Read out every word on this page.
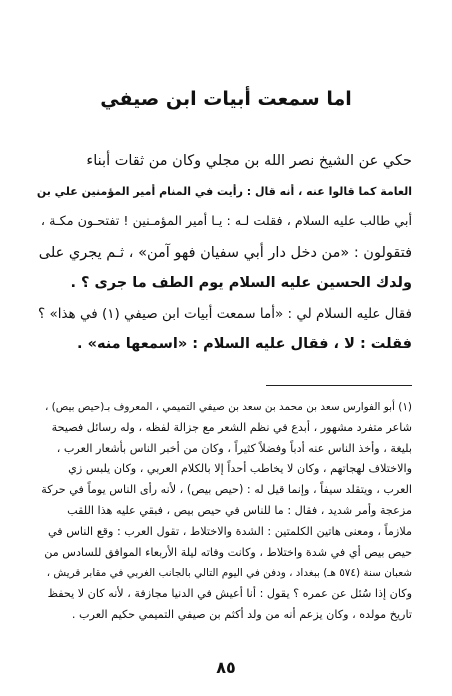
اما سمعت أبيات ابن صيفي
حكي عن الشيخ نصر الله بن مجلي وكان من ثقات أبناء
العامة كما قالوا عنه ، أنه قال : رأيت في المنام أمير المؤمنين علي بن
أبي طالب عليه السلام ، فقلت لـه : يـا أمير المؤمـنين ! تفتحـون مكـة ،
فتقولون : «من دخل دار أبي سفيان فهو آمن» ، ثـم يجري على
ولدك الحسين عليه السلام يوم الطف ما جرى ؟ .
فقال عليه السلام لي : «أما سمعت أبيات ابن صيفي (١) في هذا» ؟
فقلت : لا ، فقال عليه السلام : «اسمعها منه» .
(١) أبو الفوارس سعد بن محمد بن سعد بن صيفي التميمي ، المعروف بـ(حيص بيص) ،
شاعر متفرد مشهور ، أبدع في نظم الشعر مع جزالة لفظه ، وله رسائل فصيحة
بليغة ، وأخذ الناس عنه أدباً وفضلاً كثيراً ، وكان من أخبر الناس بأشعار العرب ،
والاختلاف لهجاتهم ، وكان لا يخاطب أحداً إلا بالكلام العربي ، وكان يلبس زي
العرب ، ويتقلد سيفاً ، وإنما قيل له : (حيص بيص) ، لأنه رأى الناس يوماً في حركة
مزعجة وأمر شديد ، فقال : ما للناس في حيص بيص ، فبقي عليه هذا اللقب
ملازماً ، ومعنى هاتين الكلمتين : الشدة والاختلاط ، تقول العرب : وقع الناس في
حيص بيص أي في شدة واختلاط ، وكانت وفاته ليلة الأربعاء الموافق للسادس من
شعبان سنة (٥٧٤ هـ) ببغداد ، ودفن في اليوم التالي بالجانب الغربي في مقابر قريش ،
وكان إذا سُئل عن عمره ؟ يقول : أنا أعيش في الدنيا مجازفة ، لأنه كان لا يحفظ
تاريخ مولده ، وكان يزعم أنه من ولد أكثم بن صيفي التميمي حكيم العرب .
٨٥
